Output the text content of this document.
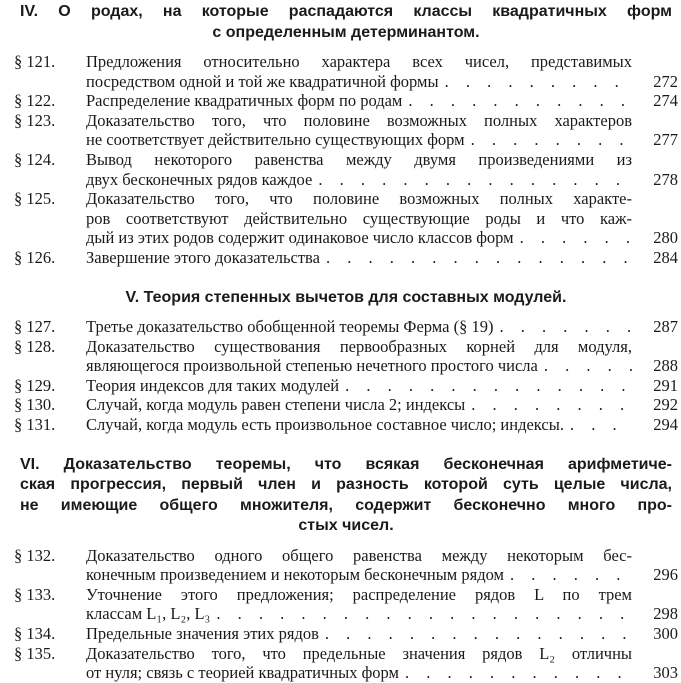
IV. О родах, на которые распадаются классы квадратичных форм
с определенным детерминантом.
§ 121.	Предложения относительно характера всех чисел, представимых
посредством одной и той же квадратичной формы . . .	272
§ 122.	Распределение квадратичных форм по родам . . .	274
§ 123.	Доказательство того, что половине возможных полных характеров
не соответствует действительно существующих форм . . .	277
§ 124.	Вывод некоторого равенства между двумя произведениями из
двух бесконечных рядов каждое . . .	278
§ 125.	Доказательство того, что половине возможных полных характе-
ров соответствуют действительно существующие роды и что каж-
дый из этих родов содержит одинаковое число классов форм . . .	280
§ 126.	Завершение этого доказательства . . .	284
V. Теория степенных вычетов для составных модулей.
§ 127.	Третье доказательство обобщенной теоремы Ферма (§ 19) . . .	287
§ 128.	Доказательство существования первообразных корней для модуля,
являющегося произвольной степенью нечетного простого числа . . .	288
§ 129.	Теория индексов для таких модулей . . .	291
§ 130.	Случай, когда модуль равен степени числа 2; индексы . . .	292
§ 131.	Случай, когда модуль есть произвольное составное число; индексы. . . .	294
VI. Доказательство теоремы, что всякая бесконечная арифметиче-
ская прогрессия, первый член и разность которой суть целые числа,
не имеющие общего множителя, содержит бесконечно много про-
стых чисел.
§ 132.	Доказательство одного общего равенства между некоторым бес-
конечным произведением и некоторым бесконечным рядом . . .	296
§ 133.	Уточнение этого предложения; распределение рядов L по трем
классам L₁, L₂, L₃ . . .	298
§ 134.	Предельные значения этих рядов . . .	300
§ 135.	Доказательство того, что предельные значения рядов L₂ отличны
от нуля; связь с теорией квадратичных форм . . .	303
